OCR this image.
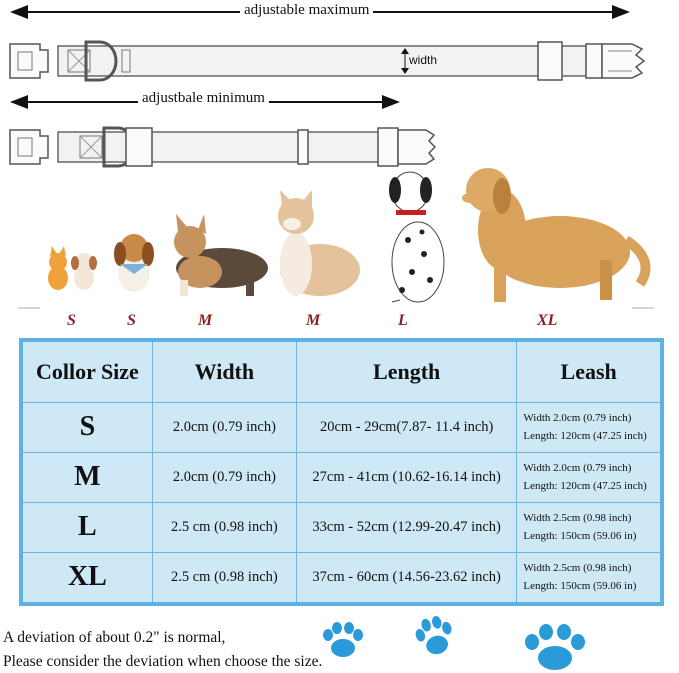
adjustable maximum
width
adjustbale minimum
S	S	M	M	L	XL
Collor Size	Width	Length	Leash
S	2.0cm (0.79 inch)	20cm - 29cm(7.87- 11.4 inch)	Width 2.0cm (0.79 inch)
Length: 120cm (47.25 inch)

M	2.0cm (0.79 inch)	27cm - 41cm (10.62-16.14 inch)	Width 2.0cm (0.79 inch)
Length: 120cm (47.25 inch)

L	2.5 cm (0.98 inch)	33cm - 52cm (12.99-20.47 inch)	Width 2.5cm (0.98 inch)
Length: 150cm (59.06 in)

XL	2.5 cm (0.98 inch)	37cm - 60cm (14.56-23.62 inch)	Width 2.5cm (0.98 inch)
Length: 150cm (59.06 in)
A deviation of about 0.2" is normal,
Please consider the deviation when choose the size.
